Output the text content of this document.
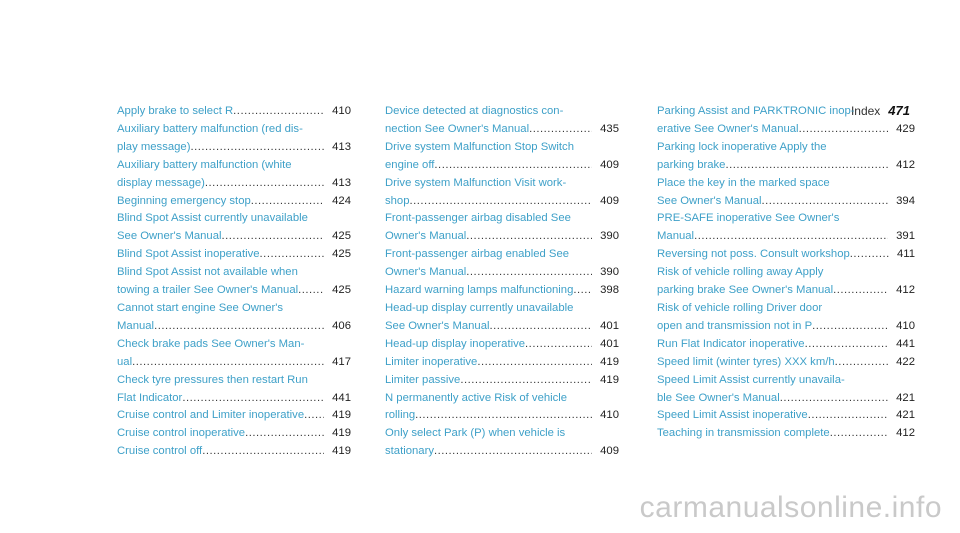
Index 471
Apply brake to select R .....	410
Auxiliary battery malfunction (red dis-
play message) .....	413
Auxiliary battery malfunction (white
display message) .....	413
Beginning emergency stop .....	424
Blind Spot Assist currently unavailable
See Owner's Manual .....	425
Blind Spot Assist inoperative .....	425
Blind Spot Assist not available when
towing a trailer See Owner's Manual .....	425
Cannot start engine See Owner's
Manual .....	406
Check brake pads See Owner's Man-
ual .....	417
Check tyre pressures then restart Run
Flat Indicator .....	441
Cruise control and Limiter inoperative ..... 419
Cruise control inoperative .....	419
Cruise control off .....	419
Device detected at diagnostics con-
nection See Owner's Manual .....	435
Drive system Malfunction Stop Switch
engine off .....	409
Drive system Malfunction Visit work-
shop .....	409
Front-passenger airbag disabled See
Owner's Manual .....	390
Front-passenger airbag enabled See
Owner's Manual .....	390
Hazard warning lamps malfunctioning ..... 398
Head-up display currently unavailable
See Owner's Manual .....	401
Head-up display inoperative .....	401
Limiter inoperative .....	419
Limiter passive .....	419
N permanently active Risk of vehicle
rolling .....	410
Only select Park (P) when vehicle is
stationary .....	409
Parking Assist and PARKTRONIC inop-
erative See Owner's Manual .....	429
Parking lock inoperative Apply the
parking brake .....	412
Place the key in the marked space
See Owner's Manual .....	394
PRE-SAFE inoperative See Owner's
Manual .....	391
Reversing not poss. Consult workshop .....	411
Risk of vehicle rolling away Apply
parking brake See Owner's Manual .....	412
Risk of vehicle rolling Driver door
open and transmission not in P .....	410
Run Flat Indicator inoperative .....	441
Speed limit (winter tyres) XXX km/h .....	422
Speed Limit Assist currently unavaila-
ble See Owner's Manual .....	421
Speed Limit Assist inoperative .....	421
Teaching in transmission complete .....	412
carmanualsonline.info
